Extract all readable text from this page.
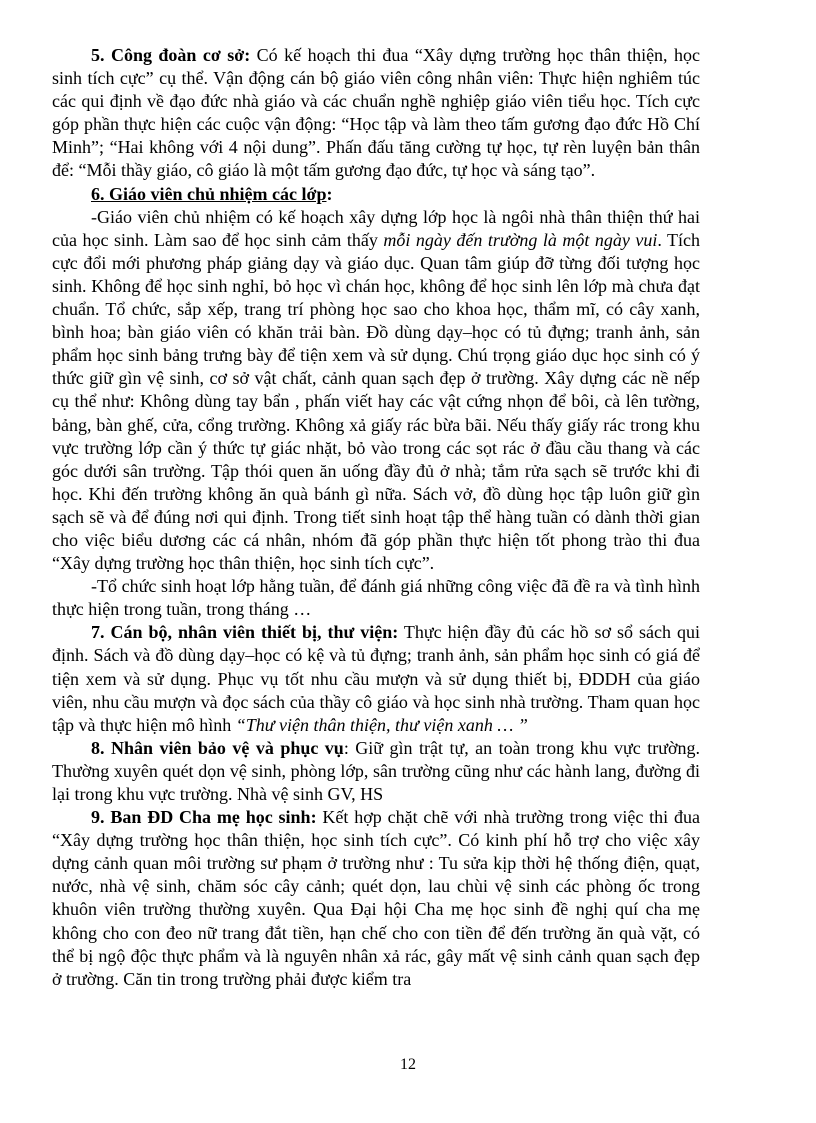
5. Công đoàn cơ sở: Có kế hoạch thi đua “Xây dựng trường học thân thiện, học sinh tích cực” cụ thể. Vận động cán bộ giáo viên công nhân viên: Thực hiện nghiêm túc các qui định về đạo đức nhà giáo và các chuẩn nghề nghiệp giáo viên tiểu học. Tích cực góp phần thực hiện các cuộc vận động: “Học tập và làm theo tấm gương đạo đức Hồ Chí Minh”; “Hai không với 4 nội dung”. Phấn đấu tăng cường tự học, tự rèn luyện bản thân để: “Mỗi thầy giáo, cô giáo là một tấm gương đạo đức, tự học và sáng tạo”.

6. Giáo viên chủ nhiệm các lớp:

-Giáo viên chủ nhiệm có kế hoạch xây dựng lớp học là ngôi nhà thân thiện thứ hai của học sinh. Làm sao để học sinh cảm thấy mỗi ngày đến trường là một ngày vui. Tích cực đổi mới phương pháp giảng dạy và giáo dục. Quan tâm giúp đỡ từng đối tượng học sinh. Không để học sinh nghỉ, bỏ học vì chán học, không để học sinh lên lớp mà chưa đạt chuẩn. Tổ chức, sắp xếp, trang trí phòng học sao cho khoa học, thẩm mĩ, có cây xanh, bình hoa; bàn giáo viên có khăn trải bàn. Đồ dùng dạy–học có tủ đựng; tranh ảnh, sản phẩm học sinh bảng trưng bày để tiện xem và sử dụng. Chú trọng giáo dục học sinh có ý thức giữ gìn vệ sinh, cơ sở vật chất, cảnh quan sạch đẹp ở trường. Xây dựng các nề nếp cụ thể như: Không dùng tay bẩn , phấn viết hay các vật cứng nhọn để bôi, cà lên tường, bảng, bàn ghế, cửa, cổng trường. Không xả giấy rác bừa bãi. Nếu thấy giấy rác trong khu vực trường lớp cần ý thức tự giác nhặt, bỏ vào trong các sọt rác ở đầu cầu thang và các góc dưới sân trường. Tập thói quen ăn uống đầy đủ ở nhà; tắm rửa sạch sẽ trước khi đi học. Khi đến trường không ăn quà bánh gì nữa. Sách vở, đồ dùng học tập luôn giữ gìn sạch sẽ và để đúng nơi qui định. Trong tiết sinh hoạt tập thể hàng tuần có dành thời gian cho việc biểu dương các cá nhân, nhóm đã góp phần thực hiện tốt phong trào thi đua “Xây dựng trường học thân thiện, học sinh tích cực”.

-Tổ chức sinh hoạt lớp hằng tuần, để đánh giá những công việc đã đề ra và tình hình thực hiện trong tuần, trong tháng …

7. Cán bộ, nhân viên thiết bị, thư viện: Thực hiện đầy đủ các hồ sơ sổ sách qui định. Sách và đồ dùng dạy–học có kệ và tủ đựng; tranh ảnh, sản phẩm học sinh có giá để tiện xem và sử dụng. Phục vụ tốt nhu cầu mượn và sử dụng thiết bị, ĐDDH của giáo viên, nhu cầu mượn và đọc sách của thầy cô giáo và học sinh nhà trường. Tham quan học tập và thực hiện mô hình “Thư viện thân thiện, thư viện xanh … ”

8. Nhân viên bảo vệ và phục vụ: Giữ gìn trật tự, an toàn trong khu vực trường. Thường xuyên quét dọn vệ sinh, phòng lớp, sân trường cũng như các hành lang, đường đi lại trong khu vực trường. Nhà vệ sinh GV, HS

9. Ban ĐD Cha mẹ học sinh: Kết hợp chặt chẽ với nhà trường trong việc thi đua “Xây dựng trường học thân thiện, học sinh tích cực”. Có kinh phí hỗ trợ cho việc xây dựng cảnh quan môi trường sư phạm ở trường như : Tu sửa kịp thời hệ thống điện, quạt, nước, nhà vệ sinh, chăm sóc cây cảnh; quét dọn, lau chùi vệ sinh các phòng ốc trong khuôn viên trường thường xuyên. Qua Đại hội Cha mẹ học sinh đề nghị quí cha mẹ không cho con đeo nữ trang đắt tiền, hạn chế cho con tiền để đến trường ăn quà vặt, có thể bị ngộ độc thực phẩm và là nguyên nhân xả rác, gây mất vệ sinh cảnh quan sạch đẹp ở trường. Căn tin trong trường phải được kiểm tra

12
